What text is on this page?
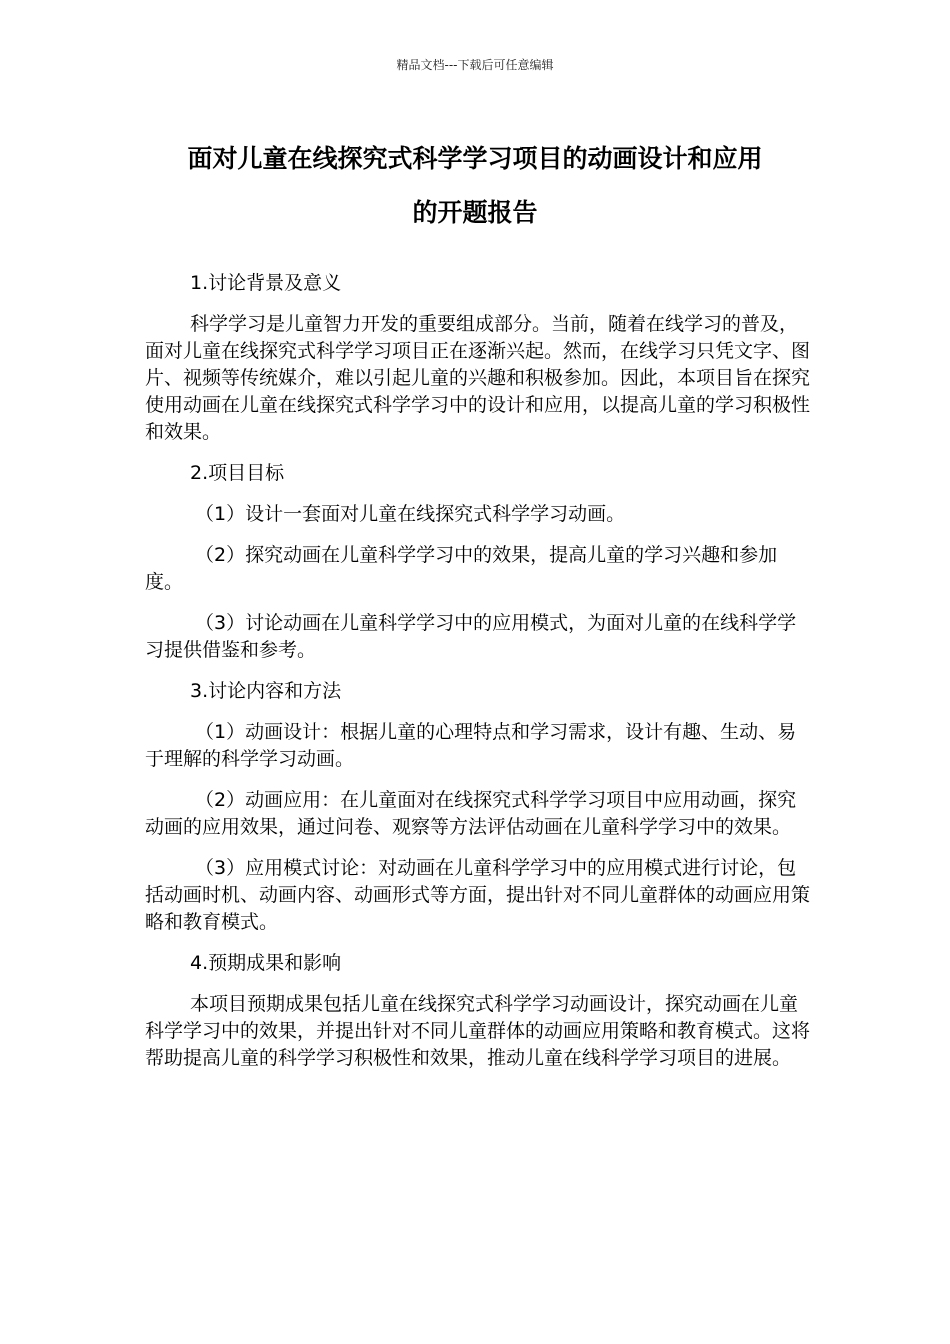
精品文档---下载后可任意编辑
面对儿童在线探究式科学学习项目的动画设计和应用
的开题报告

1.讨论背景及意义

科学学习是儿童智力开发的重要组成部分。当前，随着在线学习的普及，面对儿童在线探究式科学学习项目正在逐渐兴起。然而，在线学习只凭文字、图片、视频等传统媒介，难以引起儿童的兴趣和积极参加。因此，本项目旨在探究使用动画在儿童在线探究式科学学习中的设计和应用，以提高儿童的学习积极性和效果。

2.项目目标

（1）设计一套面对儿童在线探究式科学学习动画。

（2）探究动画在儿童科学学习中的效果，提高儿童的学习兴趣和参加度。

（3）讨论动画在儿童科学学习中的应用模式，为面对儿童的在线科学学习提供借鉴和参考。

3.讨论内容和方法

（1）动画设计：根据儿童的心理特点和学习需求，设计有趣、生动、易于理解的科学学习动画。

（2）动画应用：在儿童面对在线探究式科学学习项目中应用动画，探究动画的应用效果，通过问卷、观察等方法评估动画在儿童科学学习中的效果。

（3）应用模式讨论：对动画在儿童科学学习中的应用模式进行讨论，包括动画时机、动画内容、动画形式等方面，提出针对不同儿童群体的动画应用策略和教育模式。

4.预期成果和影响

本项目预期成果包括儿童在线探究式科学学习动画设计，探究动画在儿童科学学习中的效果，并提出针对不同儿童群体的动画应用策略和教育模式。这将帮助提高儿童的科学学习积极性和效果，推动儿童在线科学学习项目的进展。
